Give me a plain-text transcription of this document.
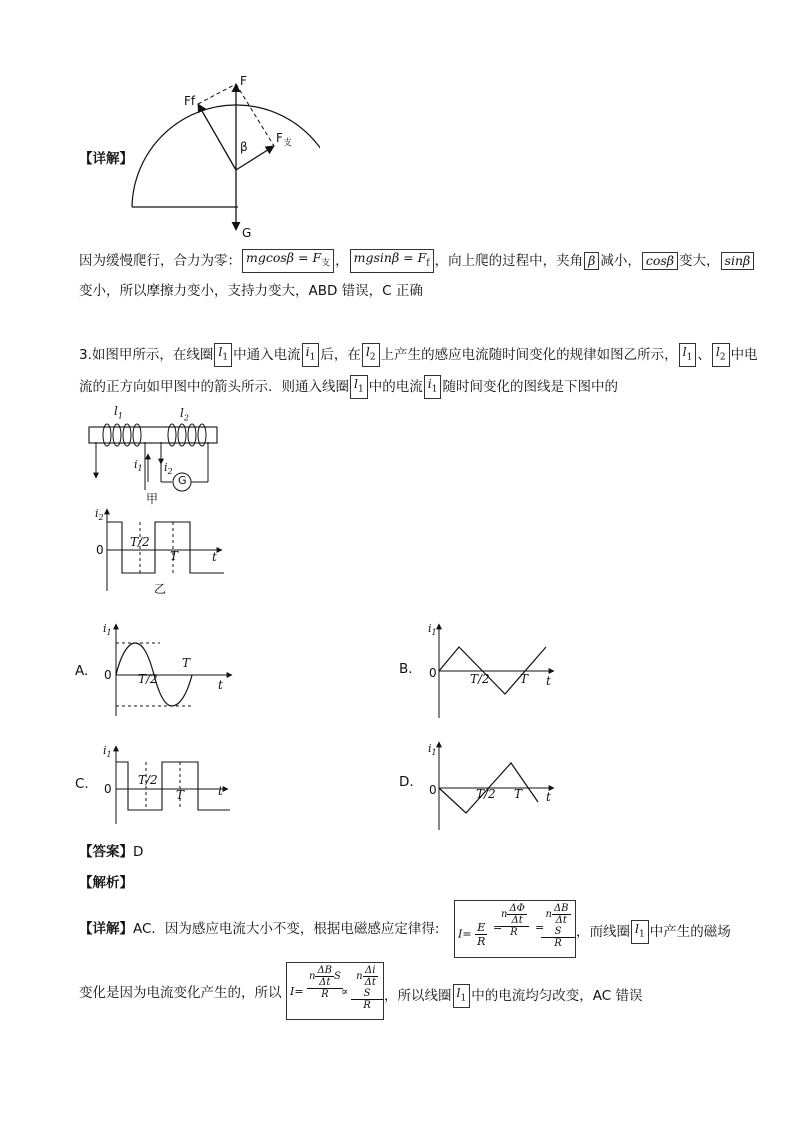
F
Ff
$F_支$
β
G
【详解】
因为缓慢爬行，合力为零： $mgcos\beta = F_支$ ， $mgsin\beta = F_f$ ，向上爬的过程中，夹角 β 减小， cosβ 变大， sinβ
变小，所以摩擦力变小，支持力变大，ABD 错误，C 正确
3.如图甲所示，在线圈 $l_1$ 中通入电流 $i_1$ 后，在 $l_2$ 上产生的感应电流随时间变化的规律如图乙所示， $l_1$ 、 $l_2$ 中电
流的正方向如甲图中的箭头所示．则通入线圈 $l_1$ 中的电流 $i_1$ 随时间变化的图线是下图中的
$l_1$	$l_2$
$i_1$ $i_2$
G
甲
$i_2$
0
T/2
T	t
乙
A.
$i_1$
0 T/2
T
t
B.
$i_1$
0	T/2	T t
C.
$i_1$
0
T/2
T	t
D.
$i_1$
0	T/2 T t
【答案】D
【解析】
【详解】AC．因为感应电流大小不变，根据电磁感应定律得: $I= \frac{E}{R} \frac{n \frac{\Delta\Phi}{\Delta t}}{R}$
=	=
n $\frac{\Delta B}{\Delta t}$
S
R ，而线圈 $l_1$ 中产生的磁场
变化是因为电流变化产生的，所以 $I= \frac{n \frac{\Delta B}{\Delta t} S}{R}$
∝ n $\frac{\Delta i}{\Delta t}$
S
R ，所以线圈 $l_1$ 中的电流均匀改变，AC 错误
